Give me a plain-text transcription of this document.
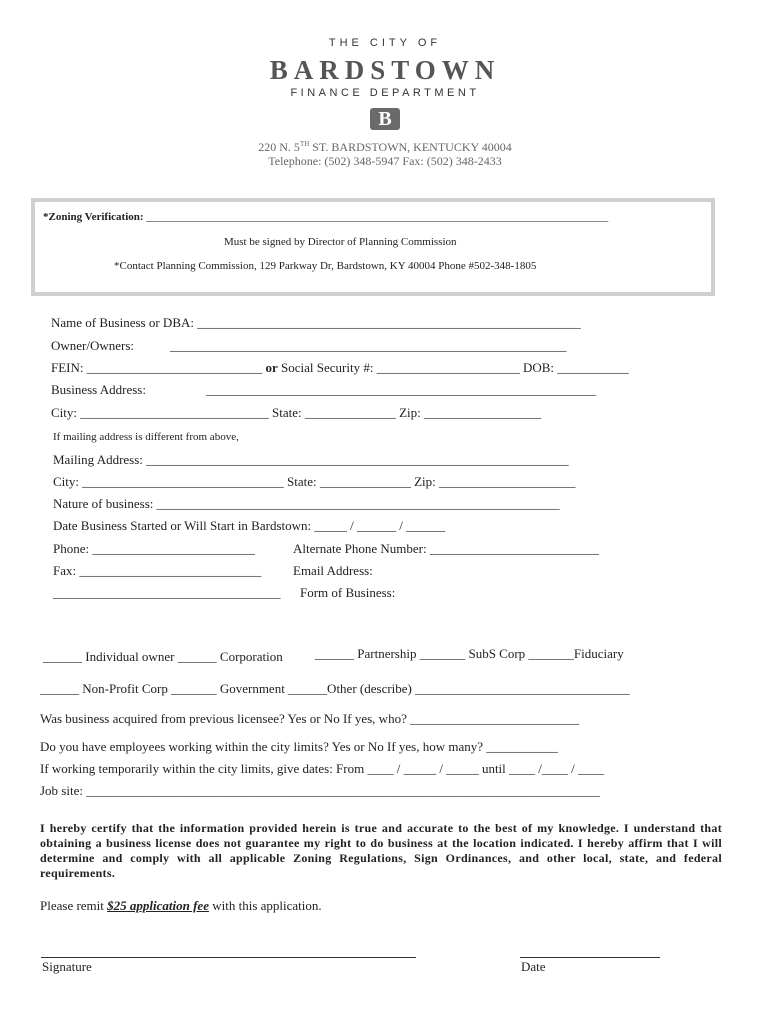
THE CITY OF
BARDSTOWN
FINANCE DEPARTMENT
B
220 N. 5TH ST. BARDSTOWN, KENTUCKY 40004
Telephone: (502) 348-5947 Fax: (502) 348-2433
*Zoning Verification: ____________________________________________________________________________________
Must be signed by Director of Planning Commission
*Contact Planning Commission, 129 Parkway Dr, Bardstown, KY 40004 Phone #502-348-1805
Name of Business or DBA: ___________________________________________________________
Owner/Owners:	_____________________________________________________________
FEIN: ___________________________ or Social Security #: ______________________ DOB: ___________
Business Address:	____________________________________________________________
City: _____________________________ State: ______________ Zip: __________________
If mailing address is different from above,
Mailing Address: _________________________________________________________________
City: _______________________________ State: ______________ Zip: _____________________
Nature of business: ______________________________________________________________
Date Business Started or Will Start in Bardstown: _____ / ______ / ______
Phone: _________________________	Alternate Phone Number: __________________________
Fax: ____________________________ Email Address:
___________________________________ Form of Business:
______ Individual owner ______ Corporation ______ Partnership _______ SubS Corp _______Fiduciary
______ Non-Profit Corp _______ Government ______Other (describe) _________________________________
Was business acquired from previous licensee? Yes or No If yes, who? __________________________
Do you have employees working within the city limits? Yes or No If yes, how many? ___________
If working temporarily within the city limits, give dates: From ____ / _____ / _____ until ____ /____ / ____
Job site: _______________________________________________________________________________
I hereby certify that the information provided herein is true and accurate to the best of my knowledge. I understand that obtaining a business license does not guarantee my right to do business at the location indicated. I hereby affirm that I will determine and comply with all applicable Zoning Regulations, Sign Ordinances, and other local, state, and federal requirements.
Please remit $25 application fee with this application.
Signature	Date
